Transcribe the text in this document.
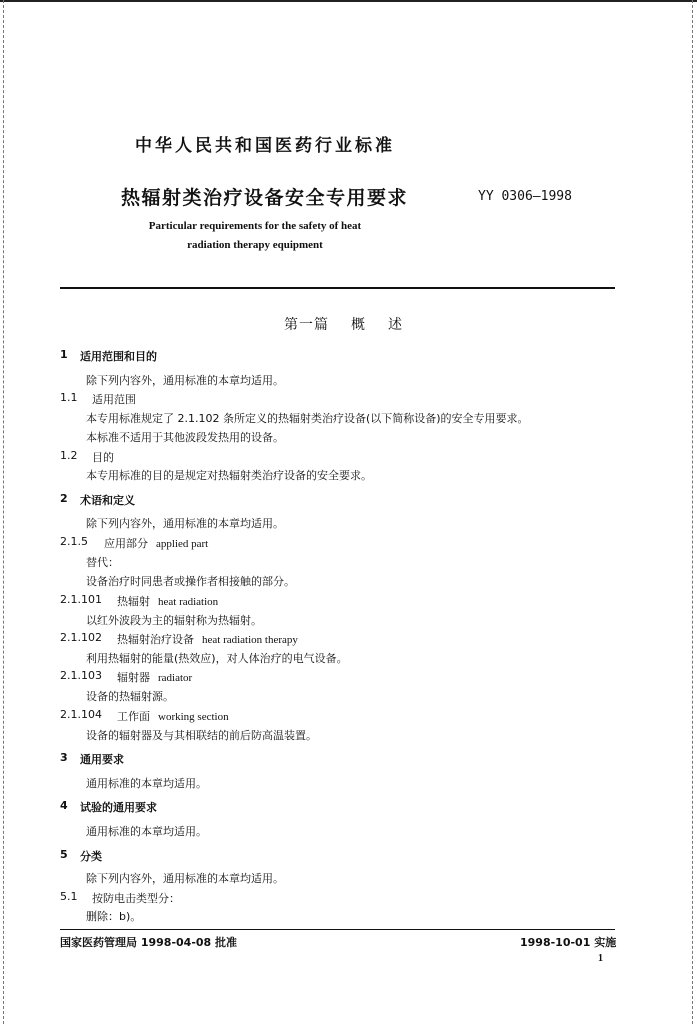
中华人民共和国医药行业标准
热辐射类治疗设备安全专用要求	YY 0306—1998
Particular requirements for the safety of heat
radiation therapy equipment
第一篇 概 述
1 适用范围和目的
除下列内容外，通用标准的本章均适用。
1.1 适用范围
本专用标准规定了 2.1.102 条所定义的热辐射类治疗设备(以下简称设备)的安全专用要求。
本标准不适用于其他波段发热用的设备。
1.2 目的
本专用标准的目的是规定对热辐射类治疗设备的安全要求。
2 术语和定义
除下列内容外，通用标准的本章均适用。
2.1.5 应用部分 applied part
替代：
设备治疗时同患者或操作者相接触的部分。
2.1.101 热辐射 heat radiation
以红外波段为主的辐射称为热辐射。
2.1.102 热辐射治疗设备 heat radiation therapy
利用热辐射的能量(热效应)，对人体治疗的电气设备。
2.1.103 辐射器 radiator
设备的热辐射源。
2.1.104 工作面 working section
设备的辐射器及与其相联结的前后防高温装置。
3 通用要求
通用标准的本章均适用。
4 试验的通用要求
通用标准的本章均适用。
5 分类
除下列内容外，通用标准的本章均适用。
5.1 按防电击类型分：
删除：b)。
国家医药管理局 1998-04-08 批准	1998-10-01 实施
1
